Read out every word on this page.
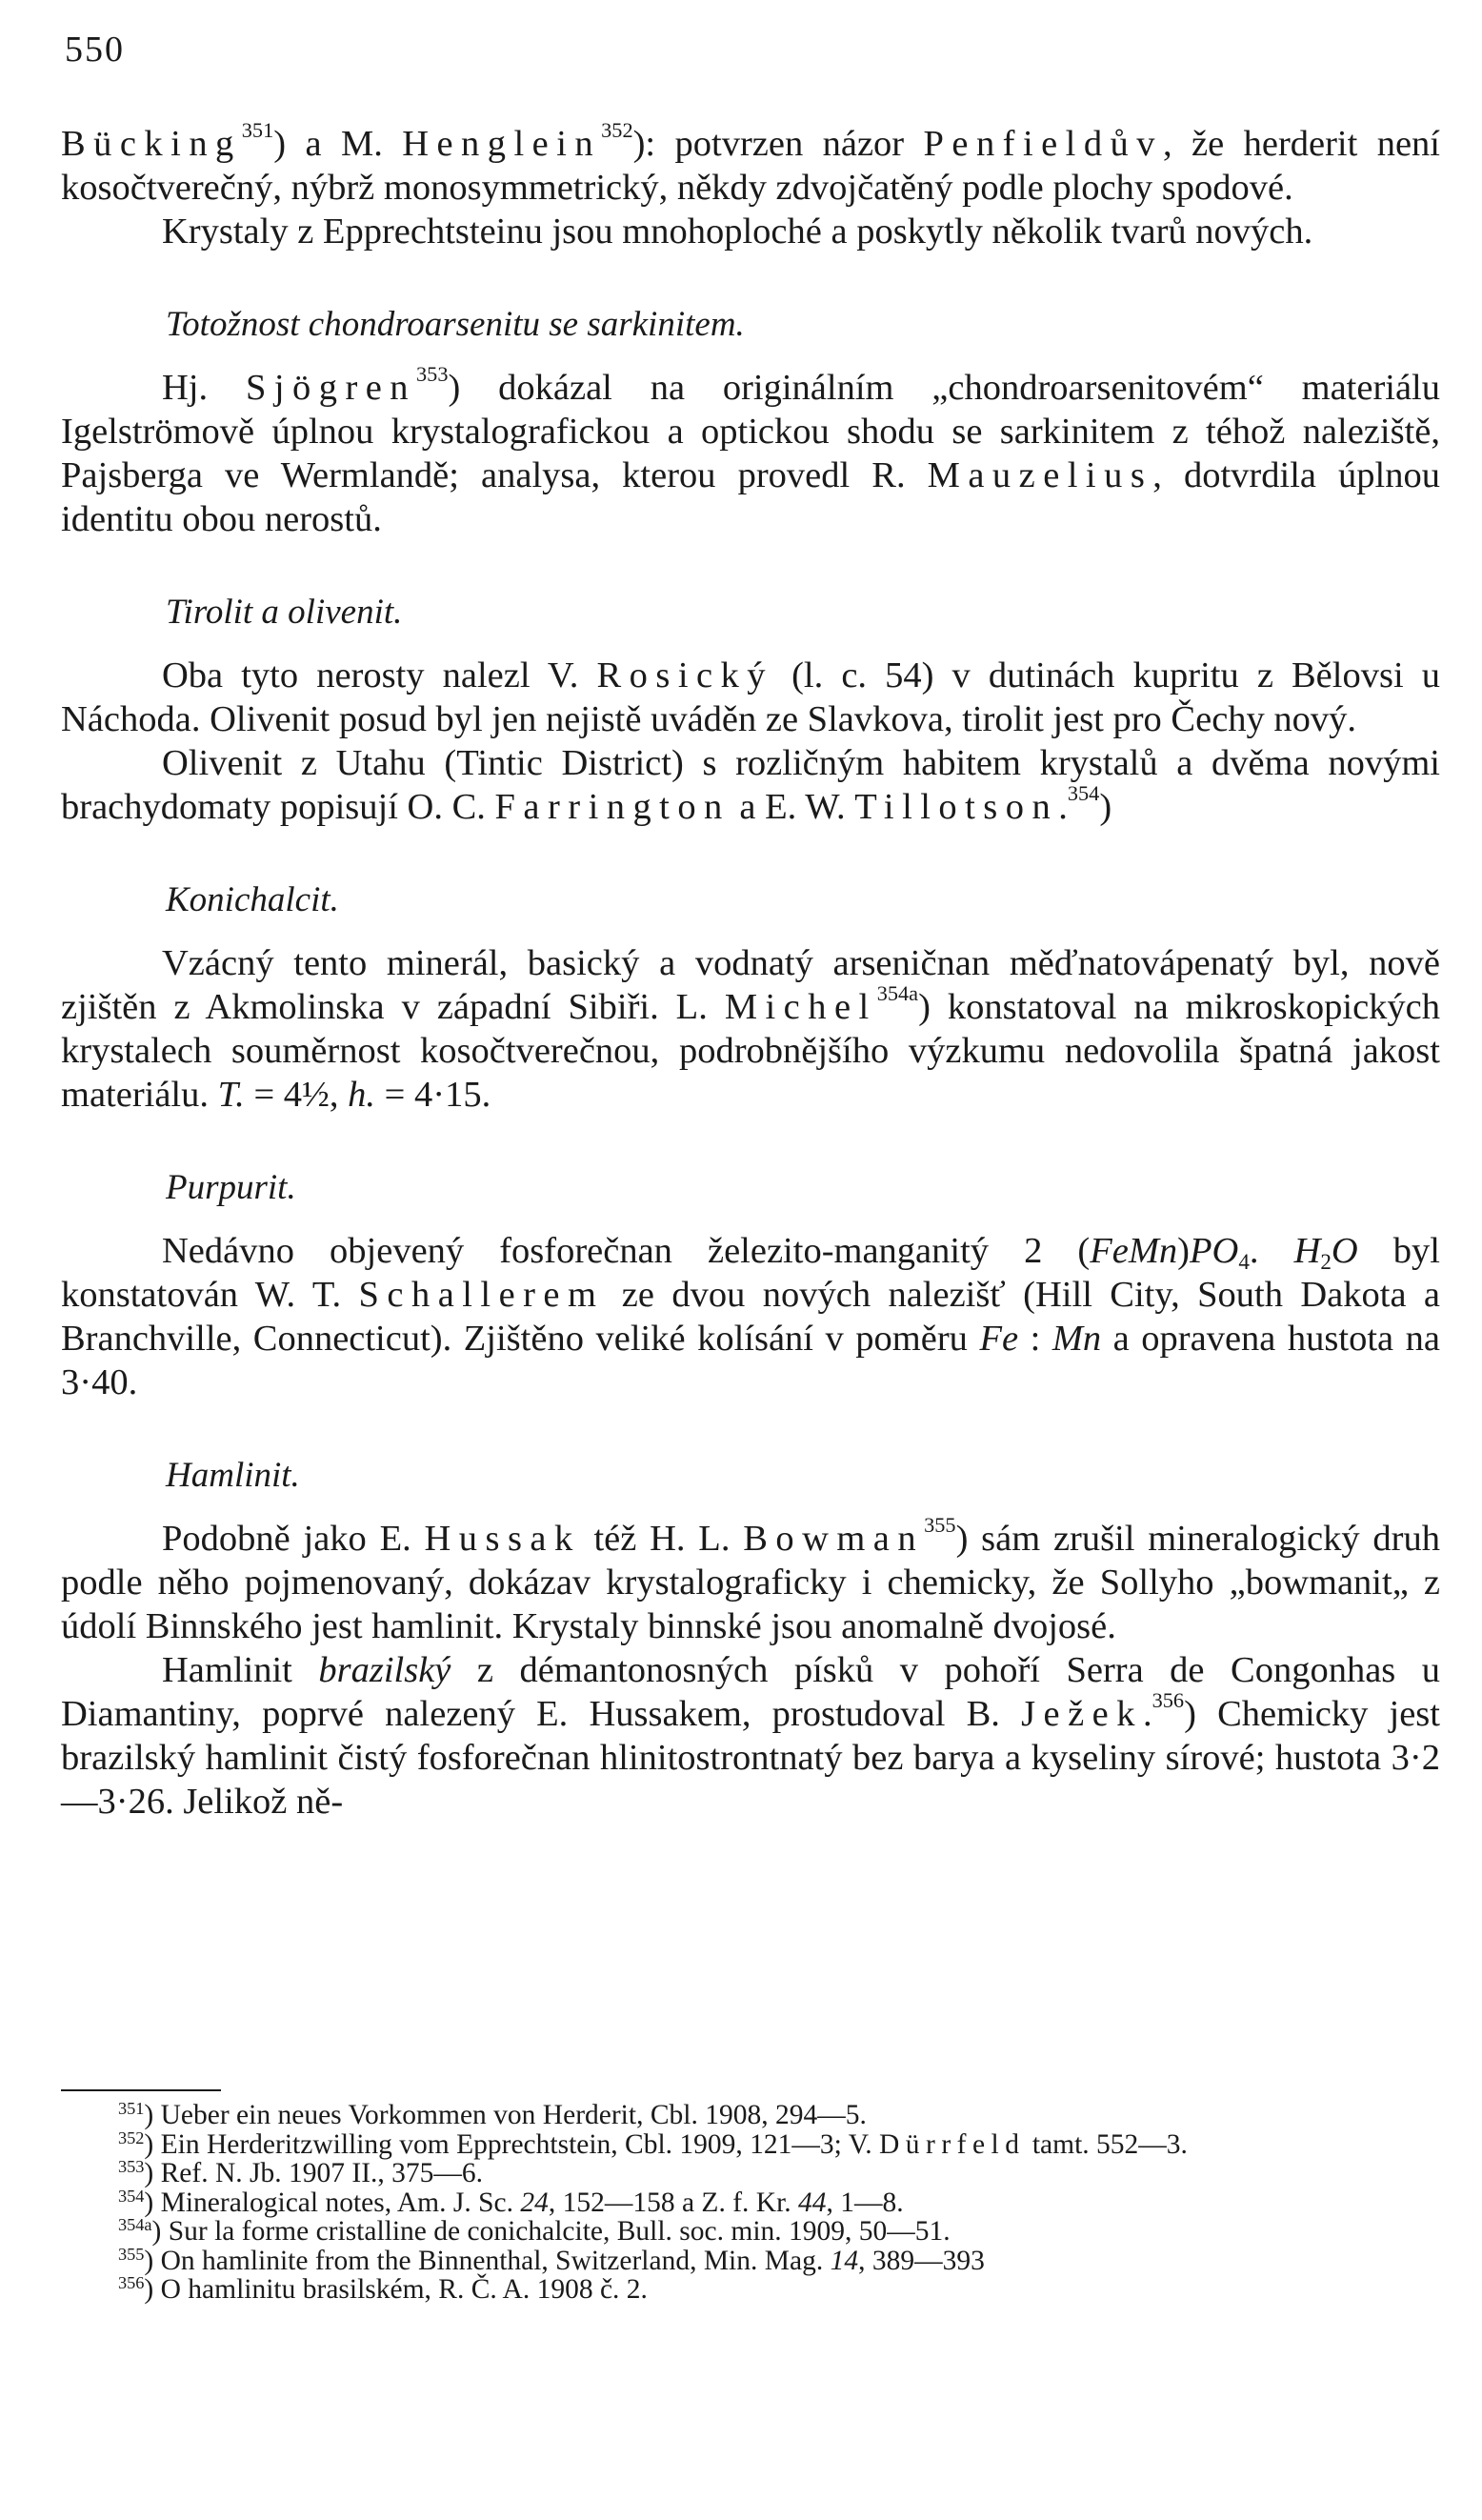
550

Bücking$^{351}$) a M. Henglein$^{352}$): potvrzen názor Penfieldův, že herderit není kosočtverečný, nýbrž monosymmetrický, někdy zdvojčatěný podle plochy spodové.

Krystaly z Epprechtsteinu jsou mnohoploché a poskytly několik tvarů nových.

Totožnost chondroarsenitu se sarkinitem.

Hj. Sjögren$^{353}$) dokázal na originálním „chondroarsenitovém“ materiálu Igelströmově úplnou krystalografickou a optickou shodu se sarkinitem z téhož naleziště, Pajsberga ve Wermlandě; analysa, kterou provedl R. Mauzelius, dotvrdila úplnou identitu obou nerostů.

Tirolit a olivenit.

Oba tyto nerosty nalezl V. Rosický (l. c. 54) v dutinách kupritu z Bělovsi u Náchoda. Olivenit posud byl jen nejistě uváděn ze Slavkova, tirolit jest pro Čechy nový.

Olivenit z Utahu (Tintic District) s rozličným habitem krystalů a dvěma novými brachydomaty popisují O. C. Farrington a E. W. Tillotson.$^{354}$)

Konichalcit.

Vzácný tento minerál, basický a vodnatý arseničnan měďnatovápenatý byl, nově zjištěn z Akmolinska v západní Sibiři. L. Michel$^{354a}$) konstatoval na mikroskopických krystalech souměrnost kosočtverečnou, podrobnějšího výzkumu nedovolila špatná jakost materiálu. T. = 4½, h. = 4·15.

Purpurit.

Nedávno objevený fosforečnan železito-manganitý 2 $(FeMn)PO_4$. $H_2O$ byl konstatován W. T. Schallerem ze dvou nových nalezišť (Hill City, South Dakota a Branchville, Connecticut). Zjištěno veliké kolísání v poměru Fe : Mn a opravena hustota na 3·40.

Hamlinit.

Podobně jako E. Hussak též H. L. Bowman$^{355}$) sám zrušil mineralogický druh podle něho pojmenovaný, dokázav krystalograficky i chemicky, že Sollyho „bowmanit„ z údolí Binnského jest hamlinit. Krystaly binnské jsou anomalně dvojosé.

Hamlinit brazilský z démantonosných písků v pohoří Serra de Congonhas u Diamantiny, poprvé nalezený E. Hussakem, prostudoval B. Ježek.$^{356}$) Chemicky jest brazilský hamlinit čistý fosforečnan hlinitostrontnatý bez barya a kyseliny sírové; hustota 3·2—3·26. Jelikož ně-

$^{351}$) Ueber ein neues Vorkommen von Herderit, Cbl. 1908, 294—5.

$^{352}$) Ein Herderitzwilling vom Epprechtstein, Cbl. 1909, 121—3; V. Dürrfeld tamt. 552—3.

$^{353}$) Ref. N. Jb. 1907 II., 375—6.

$^{354}$) Mineralogical notes, Am. J. Sc. 24, 152—158 a Z. f. Kr. 44, 1—8.

$^{354a}$) Sur la forme cristalline de conichalcite, Bull. soc. min. 1909, 50—51.

$^{355}$) On hamlinite from the Binnenthal, Switzerland, Min. Mag. 14, 389—393

$^{356}$) O hamlinitu brasilském, R. Č. A. 1908 č. 2.
